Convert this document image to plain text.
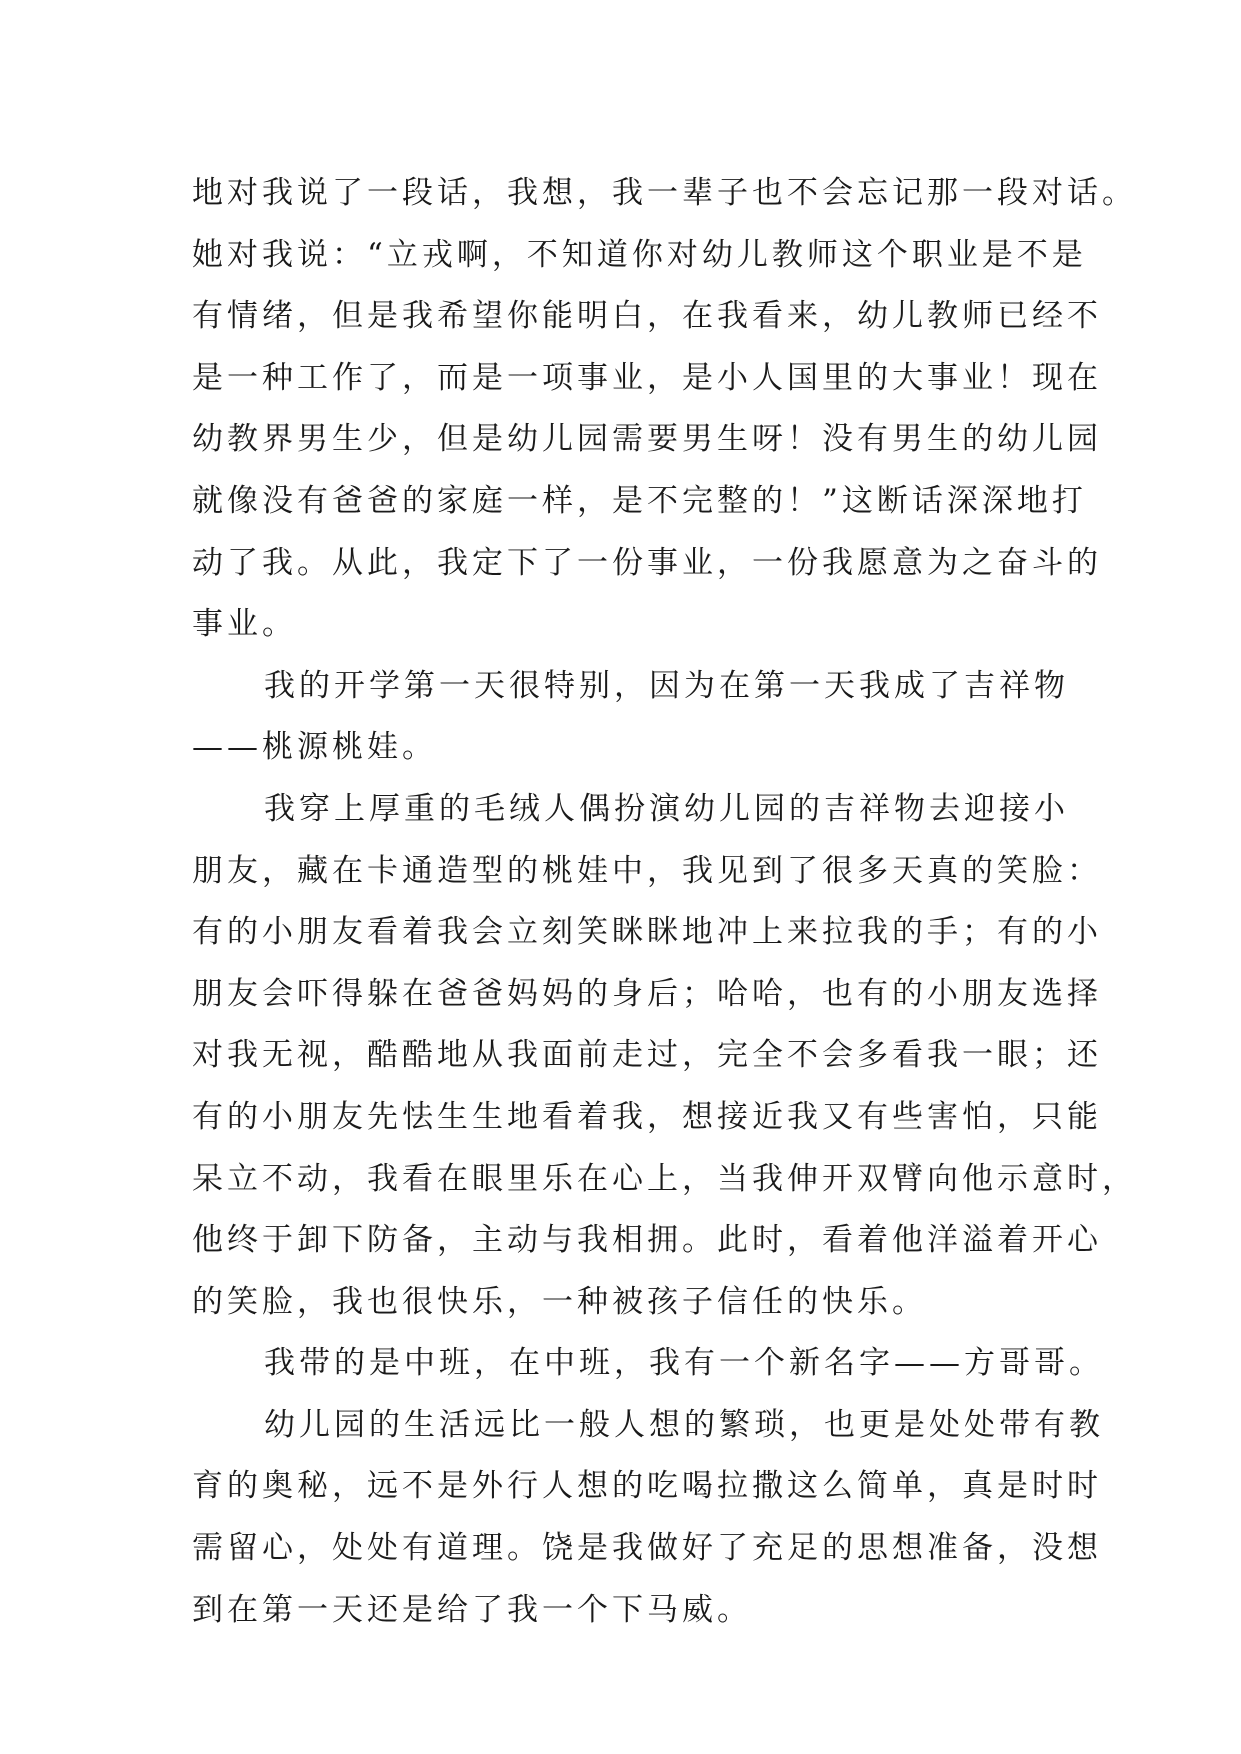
地对我说了一段话，我想，我一辈子也不会忘记那一段对话。
她对我说：“立戎啊，不知道你对幼儿教师这个职业是不是
有情绪，但是我希望你能明白，在我看来，幼儿教师已经不
是一种工作了，而是一项事业，是小人国里的大事业！现在
幼教界男生少，但是幼儿园需要男生呀！没有男生的幼儿园
就像没有爸爸的家庭一样，是不完整的！”这断话深深地打
动了我。从此，我定下了一份事业，一份我愿意为之奋斗的
事业。
我的开学第一天很特别，因为在第一天我成了吉祥物
——桃源桃娃。
我穿上厚重的毛绒人偶扮演幼儿园的吉祥物去迎接小
朋友，藏在卡通造型的桃娃中，我见到了很多天真的笑脸：
有的小朋友看着我会立刻笑眯眯地冲上来拉我的手；有的小
朋友会吓得躲在爸爸妈妈的身后；哈哈，也有的小朋友选择
对我无视，酷酷地从我面前走过，完全不会多看我一眼；还
有的小朋友先怯生生地看着我，想接近我又有些害怕，只能
呆立不动，我看在眼里乐在心上，当我伸开双臂向他示意时，
他终于卸下防备，主动与我相拥。此时，看着他洋溢着开心
的笑脸，我也很快乐，一种被孩子信任的快乐。
我带的是中班，在中班，我有一个新名字——方哥哥。
幼儿园的生活远比一般人想的繁琐，也更是处处带有教
育的奥秘，远不是外行人想的吃喝拉撒这么简单，真是时时
需留心，处处有道理。饶是我做好了充足的思想准备，没想
到在第一天还是给了我一个下马威。
